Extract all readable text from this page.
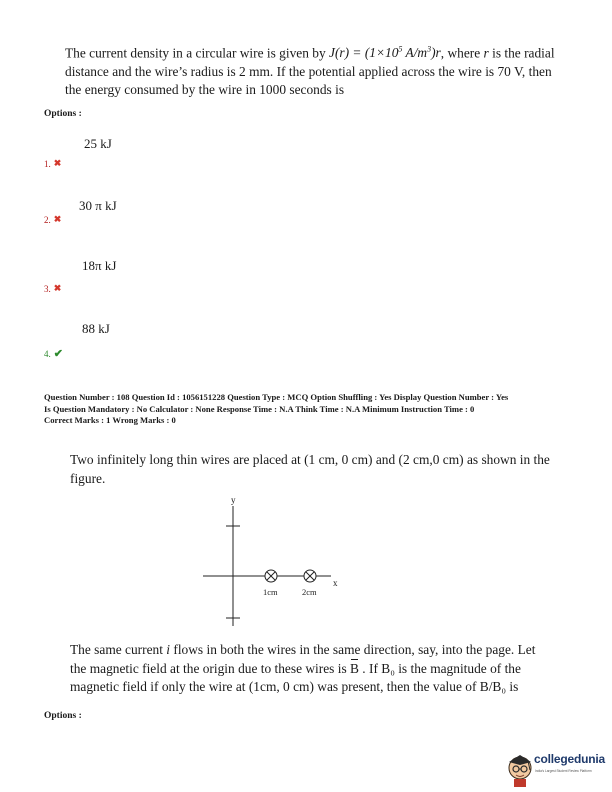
The current density in a circular wire is given by $J(r) = (1\times 10^5$ $A/m^3)r$, where r is the radial distance and the wire’s radius is 2 mm. If the potential applied across the wire is 70 V, then the energy consumed by the wire in 1000 seconds is
Options :
25 kJ
1. ✖
30 π kJ
2. ✖
18π kJ
3. ✖
88 kJ
4. ✔
Question Number : 108 Question Id : 1056151228 Question Type : MCQ Option Shuffling : Yes Display Question Number : Yes
Is Question Mandatory : No Calculator : None Response Time : N.A Think Time : N.A Minimum Instruction Time : 0
Correct Marks : 1 Wrong Marks : 0
Two infinitely long thin wires are placed at (1 cm, 0 cm) and (2 cm,0 cm) as shown in the figure.
y
x
1cm	2cm
The same current i flows in both the wires in the same direction, say, into the page. Let the magnetic field at the origin due to these wires is B . If B₀ is the magnitude of the magnetic field if only the wire at (1cm, 0 cm) was present, then the value of B/B₀ is
Options :
collegedunia
India's Largest Student Review Platform
